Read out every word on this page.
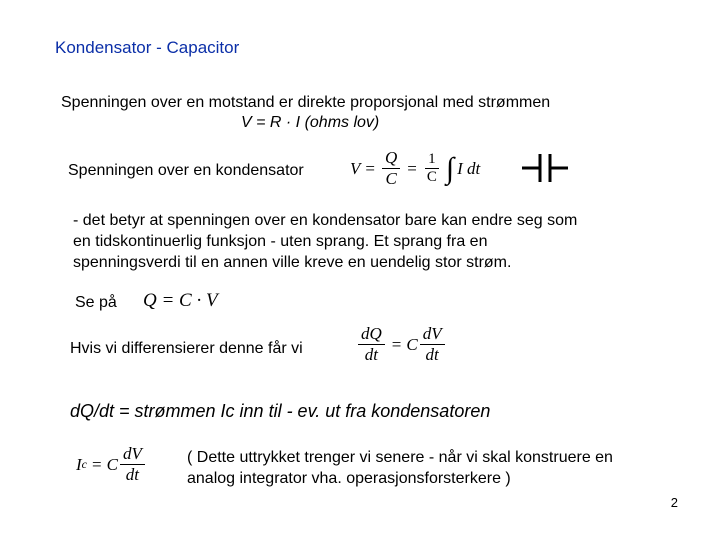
Kondensator - Capacitor
Spenningen over en motstand er direkte proporsjonal med strømmen
V = R · I (ohms lov)
Spenningen over en kondensator	$V = \frac{Q}{C} = \frac{1}{C}$ ∫ I dt
- det betyr at spenningen over en kondensator bare kan endre seg som
en tidskontinuerlig funksjon - uten sprang. Et sprang fra en
spenningsverdi til en annen ville kreve en uendelig stor strøm.
Se på Q = C · V
Hvis vi differensierer denne får vi	$\frac{dQ}{dt} = C \frac{dV}{dt}$
dQ/dt = strømmen Ic inn til - ev. ut fra kondensatoren
I c = C $\frac{dV}{dt}$	( Dette uttrykket trenger vi senere - når vi skal konstruere en
analog integrator vha. operasjonsforsterkere )
2
